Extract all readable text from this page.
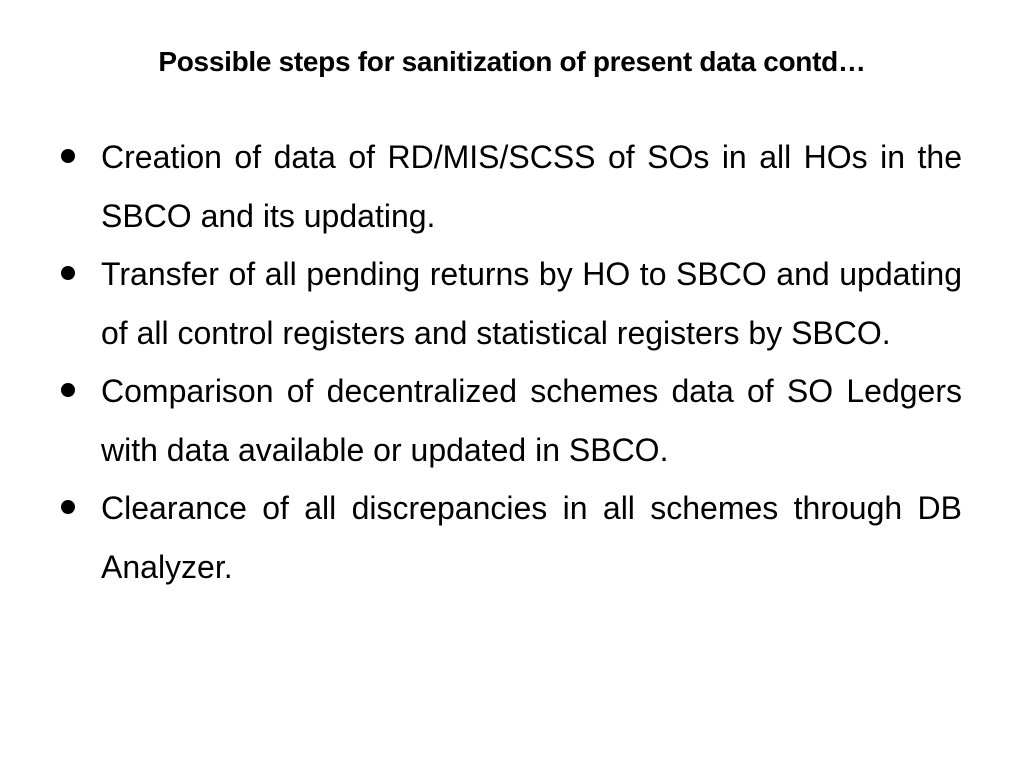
Possible steps for sanitization of present data contd…
Creation of data of RD/MIS/SCSS of SOs in all HOs in the SBCO and its updating.
Transfer of all pending returns by HO to SBCO and updating of all control registers and statistical registers by SBCO.
Comparison of decentralized schemes data of SO Ledgers with data available or updated in SBCO.
Clearance of all discrepancies in all schemes through DB Analyzer.
